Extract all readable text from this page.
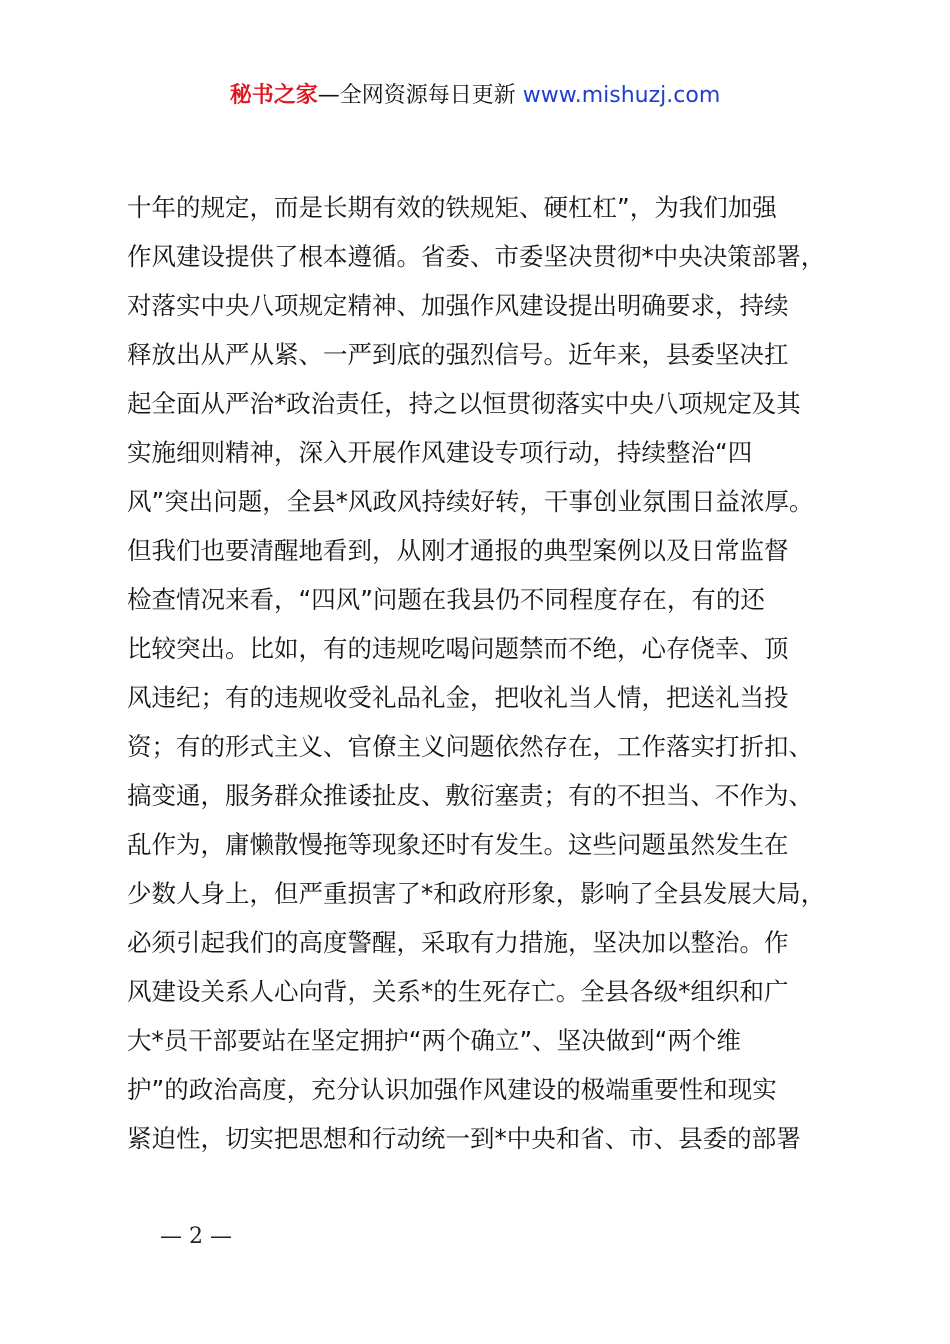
秘书之家—全网资源每日更新 www.mishuzj.com
十年的规定，而是长期有效的铁规矩、硬杠杠”，为我们加强
作风建设提供了根本遵循。省委、市委坚决贯彻*中央决策部署，
对落实中央八项规定精神、加强作风建设提出明确要求，持续
释放出从严从紧、一严到底的强烈信号。近年来，县委坚决扛
起全面从严治*政治责任，持之以恒贯彻落实中央八项规定及其
实施细则精神，深入开展作风建设专项行动，持续整治“四
风”突出问题，全县*风政风持续好转，干事创业氛围日益浓厚。
但我们也要清醒地看到，从刚才通报的典型案例以及日常监督
检查情况来看，“四风”问题在我县仍不同程度存在，有的还
比较突出。比如，有的违规吃喝问题禁而不绝，心存侥幸、顶
风违纪；有的违规收受礼品礼金，把收礼当人情，把送礼当投
资；有的形式主义、官僚主义问题依然存在，工作落实打折扣、
搞变通，服务群众推诿扯皮、敷衍塞责；有的不担当、不作为、
乱作为，庸懒散慢拖等现象还时有发生。这些问题虽然发生在
少数人身上，但严重损害了*和政府形象，影响了全县发展大局，
必须引起我们的高度警醒，采取有力措施，坚决加以整治。作
风建设关系人心向背，关系*的生死存亡。全县各级*组织和广
大*员干部要站在坚定拥护“两个确立”、坚决做到“两个维
护”的政治高度，充分认识加强作风建设的极端重要性和现实
紧迫性，切实把思想和行动统一到*中央和省、市、县委的部署
— 2 —
